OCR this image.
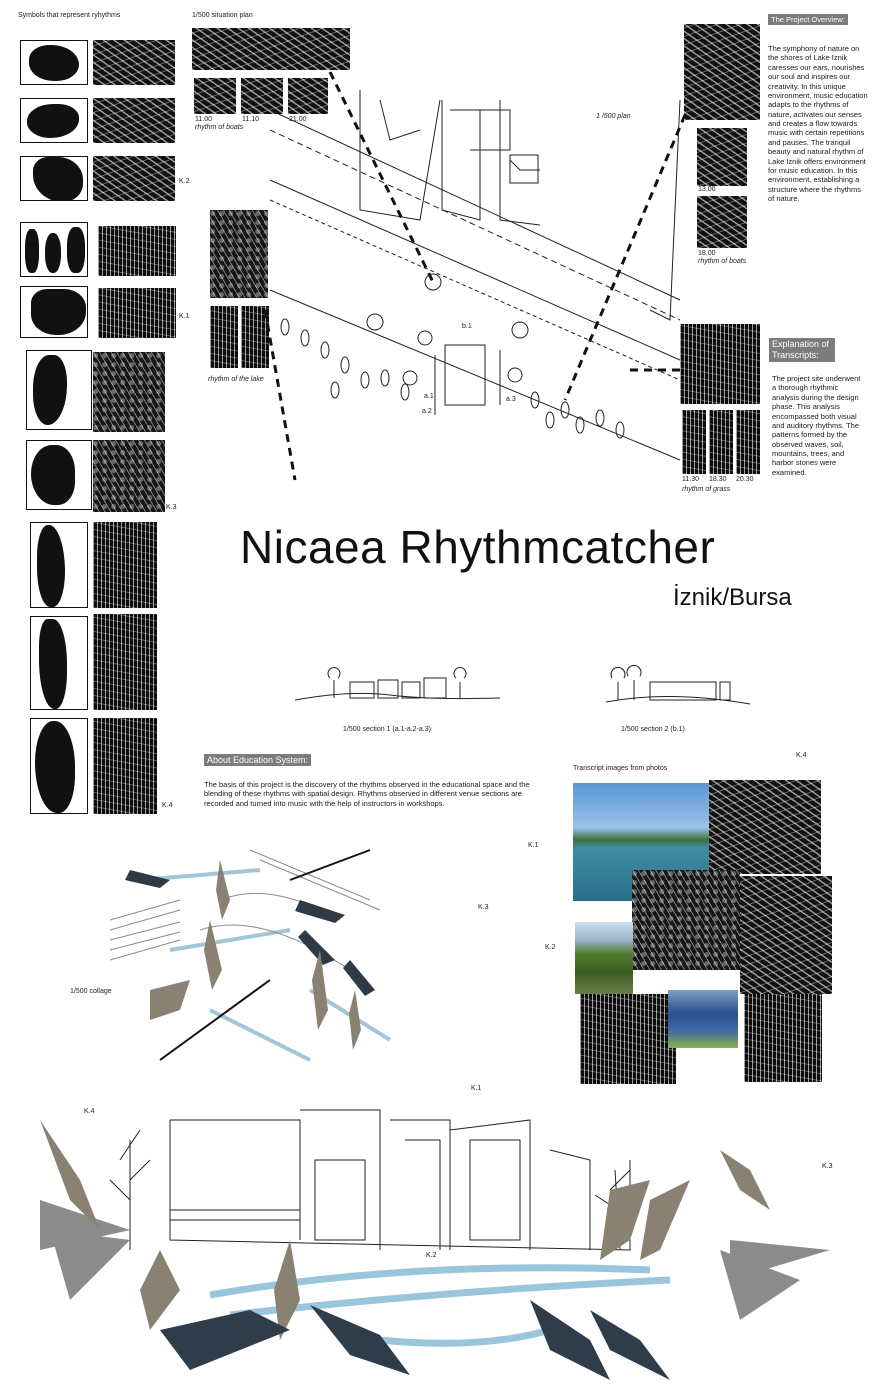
Symbols that represent ryhythms
K.2
K.1
K.3
K.4
1/500 situation plan
11.00	11.10	21.00
rhythm of boats
rhythm of the lake
1 /500 plan
b.1
a.1
a.2
a.3
13.00
18.00
rhythm of boats
11.30 18.30 20.30
rhythm of grass
The Project Overview:
The symphony of nature on the shores of Lake Iznik caresses our ears, nourishes our soul and inspires our creativity. In this unique environment, music education adapts to the rhythms of nature, activates our senses and creates a flow towards music with certain repetitions and pauses. The tranquil beauty and natural rhythm of Lake Iznik offers environment for music education. In this environment, establishing a structure where the rhythms of nature.
Explanation of Transcripts:
The project site underwent a thorough rhythmic analysis during the design phase. This analysis encompassed both visual and auditory rhythms. The patterns formed by the observed waves, soil, mountains, trees, and harbor stones were examined.
Nicaea Rhythmcatcher
İznik/Bursa
1/500 section 1 (a.1-a.2-a.3)	1/500 section 2 (b.1)
About Education System:
The basis of this project is the discovery of the rhythms observed in the educational space and the blending of these rhythms with spatial design. Rhythms observed in different venue sections are recorded and turned into music with the help of instructors in workshops.
Transcript images from photos
K.4
K.1
K.3
K.2
1/500 collage
K.4
K.1
K.3
K.2
